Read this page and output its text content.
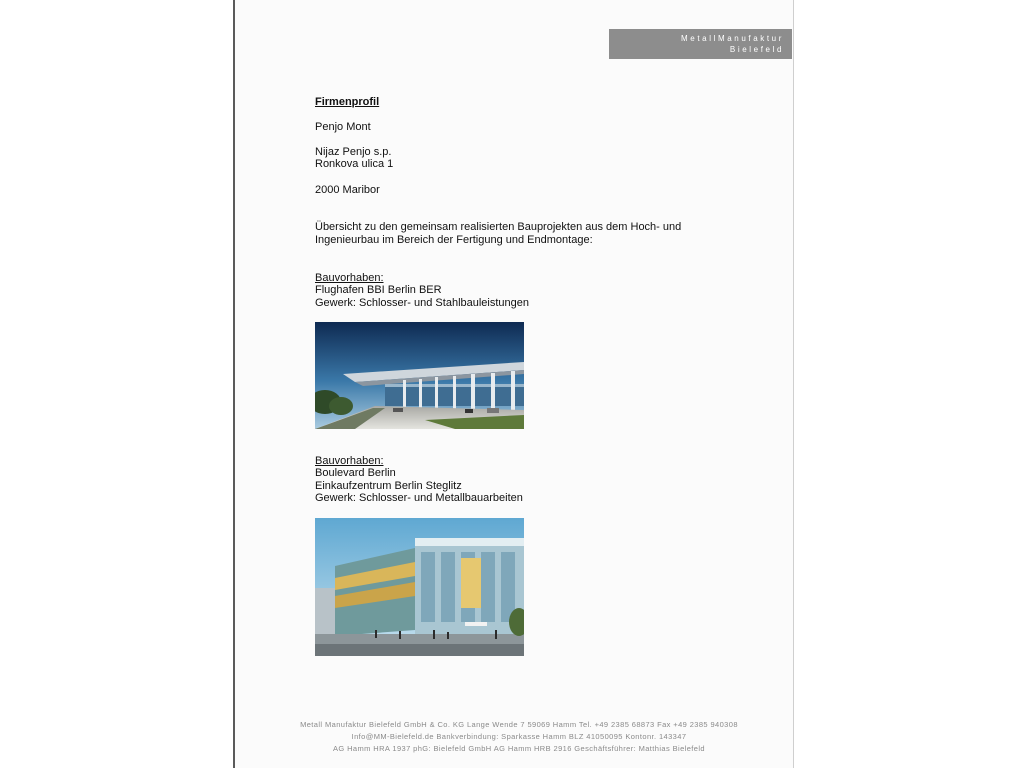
MetallManufaktur
Bielefeld
Firmenprofil
Penjo Mont
Nijaz Penjo s.p.
Ronkova ulica 1
2000 Maribor
Übersicht zu den gemeinsam realisierten Bauprojekten aus dem Hoch- und
Ingenieurbau im Bereich der Fertigung und Endmontage:
Bauvorhaben:
Flughafen BBI Berlin BER
Gewerk: Schlosser- und Stahlbauleistungen
Bauvorhaben:
Boulevard Berlin
Einkaufzentrum Berlin Steglitz
Gewerk: Schlosser- und Metallbauarbeiten
Metall Manufaktur Bielefeld GmbH & Co. KG Lange Wende 7 59069 Hamm Tel. +49 2385 68873 Fax +49 2385 940308
Info@MM-Bielefeld.de Bankverbindung: Sparkasse Hamm BLZ 41050095 Kontonr. 143347
AG Hamm HRA 1937 phG: Bielefeld GmbH AG Hamm HRB 2916 Geschäftsführer: Matthias Bielefeld
